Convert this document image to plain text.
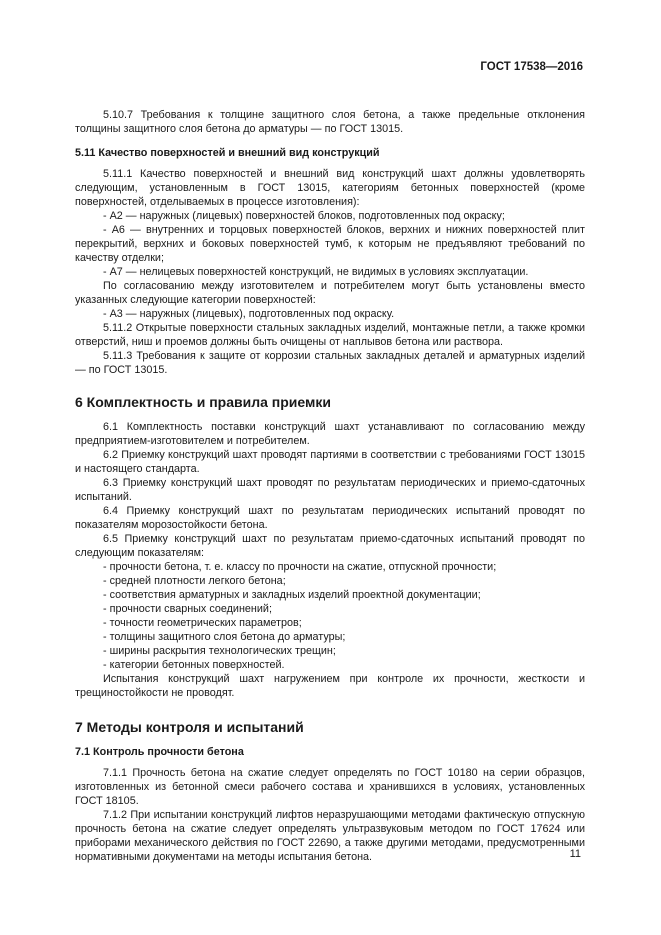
ГОСТ 17538—2016

5.10.7 Требования к толщине защитного слоя бетона, а также предельные отклонения толщины защитного слоя бетона до арматуры — по ГОСТ 13015.

5.11 Качество поверхностей и внешний вид конструкций

5.11.1 Качество поверхностей и внешний вид конструкций шахт должны удовлетворять следующим, установленным в ГОСТ 13015, категориям бетонных поверхностей (кроме поверхностей, отделываемых в процессе изготовления):

- А2 — наружных (лицевых) поверхностей блоков, подготовленных под окраску;

- А6 — внутренних и торцовых поверхностей блоков, верхних и нижних поверхностей плит перекрытий, верхних и боковых поверхностей тумб, к которым не предъявляют требований по качеству отделки;

- А7 — нелицевых поверхностей конструкций, не видимых в условиях эксплуатации.

По согласованию между изготовителем и потребителем могут быть установлены вместо указанных следующие категории поверхностей:

- А3 — наружных (лицевых), подготовленных под окраску.

5.11.2 Открытые поверхности стальных закладных изделий, монтажные петли, а также кромки отверстий, ниш и проемов должны быть очищены от наплывов бетона или раствора.

5.11.3 Требования к защите от коррозии стальных закладных деталей и арматурных изделий — по ГОСТ 13015.

6 Комплектность и правила приемки

6.1 Комплектность поставки конструкций шахт устанавливают по согласованию между предприятием-изготовителем и потребителем.

6.2 Приемку конструкций шахт проводят партиями в соответствии с требованиями ГОСТ 13015 и настоящего стандарта.

6.3 Приемку конструкций шахт проводят по результатам периодических и приемо-сдаточных испытаний.

6.4 Приемку конструкций шахт по результатам периодических испытаний проводят по показателям морозостойкости бетона.

6.5 Приемку конструкций шахт по результатам приемо-сдаточных испытаний проводят по следующим показателям:

- прочности бетона, т. е. классу по прочности на сжатие, отпускной прочности;

- средней плотности легкого бетона;

- соответствия арматурных и закладных изделий проектной документации;

- прочности сварных соединений;

- точности геометрических параметров;

- толщины защитного слоя бетона до арматуры;

- ширины раскрытия технологических трещин;

- категории бетонных поверхностей.

Испытания конструкций шахт нагружением при контроле их прочности, жесткости и трещиностойкости не проводят.

7 Методы контроля и испытаний
7.1 Контроль прочности бетона

7.1.1 Прочность бетона на сжатие следует определять по ГОСТ 10180 на серии образцов, изготовленных из бетонной смеси рабочего состава и хранившихся в условиях, установленных ГОСТ 18105.

7.1.2 При испытании конструкций лифтов неразрушающими методами фактическую отпускную прочность бетона на сжатие следует определять ультразвуковым методом по ГОСТ 17624 или приборами механического действия по ГОСТ 22690, а также другими методами, предусмотренными нормативными документами на методы испытания бетона.	11
